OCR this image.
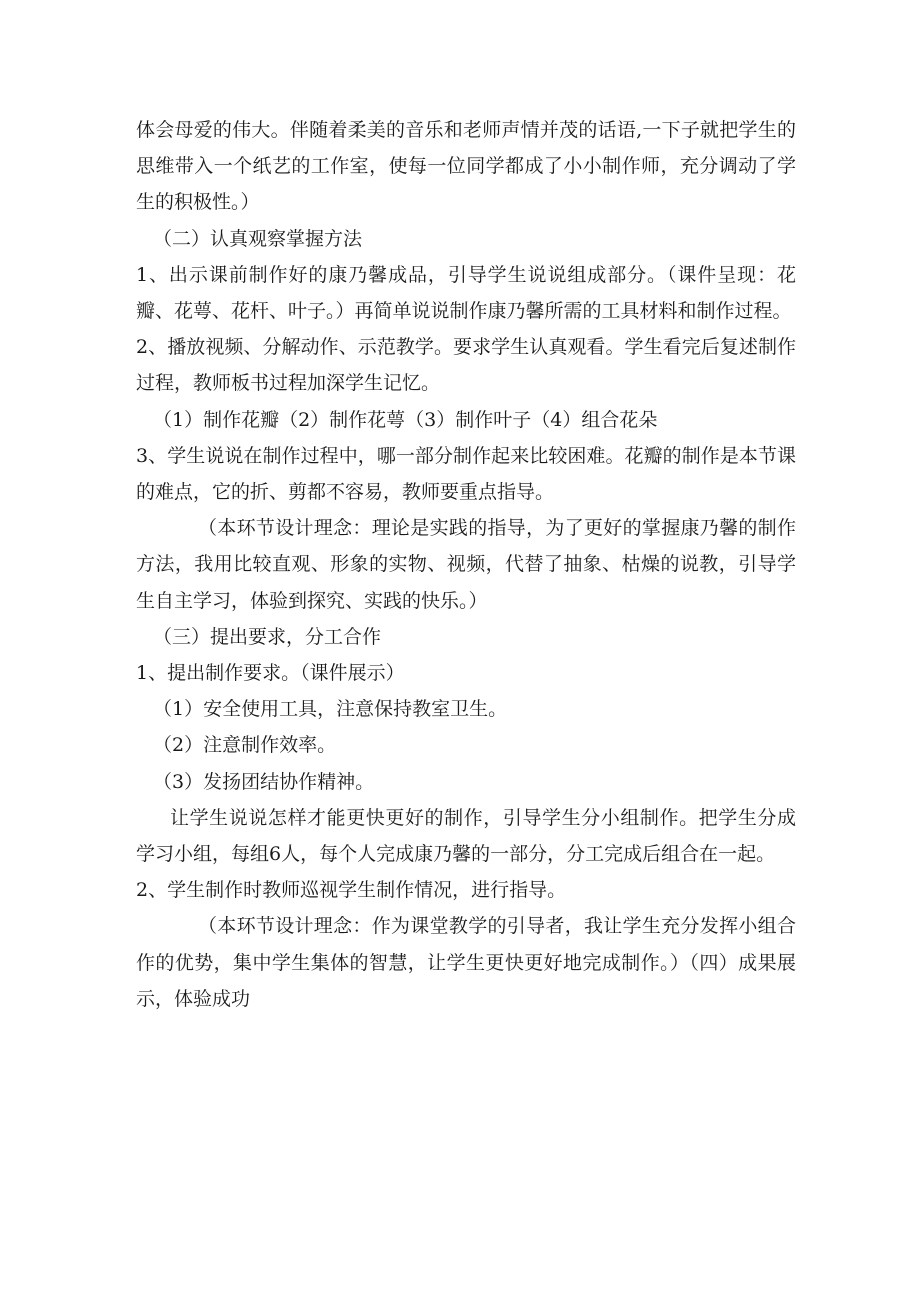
体会母爱的伟大。伴随着柔美的音乐和老师声情并茂的话语,一下子就把学生的思维带入一个纸艺的工作室，使每一位同学都成了小小制作师，充分调动了学生的积极性。）

（二）认真观察掌握方法

1、出示课前制作好的康乃馨成品，引导学生说说组成部分。（课件呈现：花瓣、花萼、花杆、叶子。）再简单说说制作康乃馨所需的工具材料和制作过程。

2、播放视频、分解动作、示范教学。要求学生认真观看。学生看完后复述制作过程，教师板书过程加深学生记忆。

（1）制作花瓣（2）制作花萼（3）制作叶子（4）组合花朵

3、学生说说在制作过程中，哪一部分制作起来比较困难。花瓣的制作是本节课的难点，它的折、剪都不容易，教师要重点指导。

（本环节设计理念：理论是实践的指导，为了更好的掌握康乃馨的制作方法，我用比较直观、形象的实物、视频，代替了抽象、枯燥的说教，引导学生自主学习，体验到探究、实践的快乐。）

（三）提出要求，分工合作

1、提出制作要求。（课件展示）

（1）安全使用工具，注意保持教室卫生。

（2）注意制作效率。

（3）发扬团结协作精神。

让学生说说怎样才能更快更好的制作，引导学生分小组制作。把学生分成学习小组，每组6人，每个人完成康乃馨的一部分，分工完成后组合在一起。

2、学生制作时教师巡视学生制作情况，进行指导。

（本环节设计理念：作为课堂教学的引导者，我让学生充分发挥小组合作的优势，集中学生集体的智慧，让学生更快更好地完成制作。）（四）成果展示，体验成功
